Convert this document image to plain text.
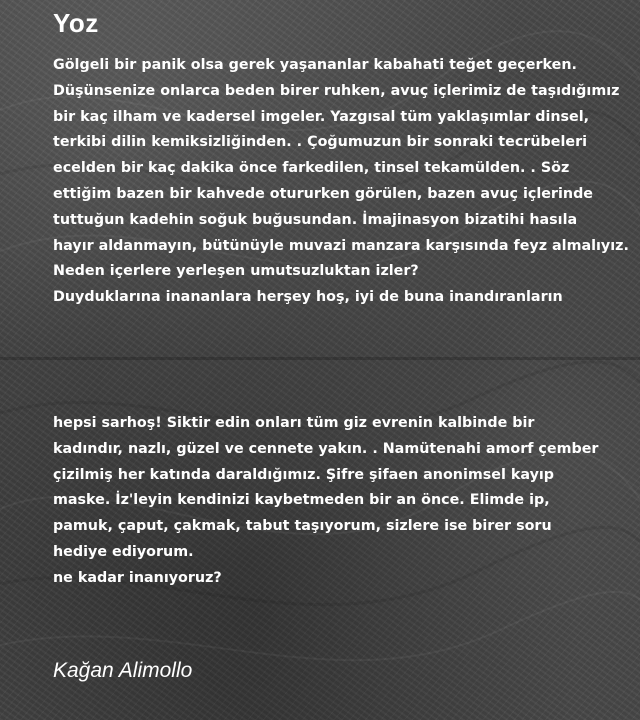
Yoz
Gölgeli bir panik olsa gerek yaşananlar kabahati teğet geçerken.
Düşünsenize onlarca beden birer ruhken, avuç içlerimiz de taşıdığımız
bir kaç ilham ve kadersel imgeler. Yazgısal tüm yaklaşımlar dinsel,
terkibi dilin kemiksizliğinden. . Çoğumuzun bir sonraki tecrübeleri
ecelden bir kaç dakika önce farkedilen, tinsel tekamülden. . Söz
ettiğim bazen bir kahvede otururken görülen, bazen avuç içlerinde
tuttuğun kadehin soğuk buğusundan. İmajinasyon bizatihi hasıla
hayır aldanmayın, bütünüyle muvazi manzara karşısında feyz almalıyız.
Neden içerlere yerleşen umutsuzluktan izler?
Duyduklarına inananlara herşey hoş, iyi de buna inandıranların
hepsi sarhoş! Siktir edin onları tüm giz evrenin kalbinde bir
kadındır, nazlı, güzel ve cennete yakın. . Namütenahi amorf çember
çizilmiş her katında daraldığımız. Şifre şifaen anonimsel kayıp
maske. İz'leyin kendinizi kaybetmeden bir an önce. Elimde ip,
pamuk, çaput, çakmak, tabut taşıyorum, sizlere ise birer soru
hediye ediyorum.
ne kadar inanıyoruz?
Kağan Alimollo
